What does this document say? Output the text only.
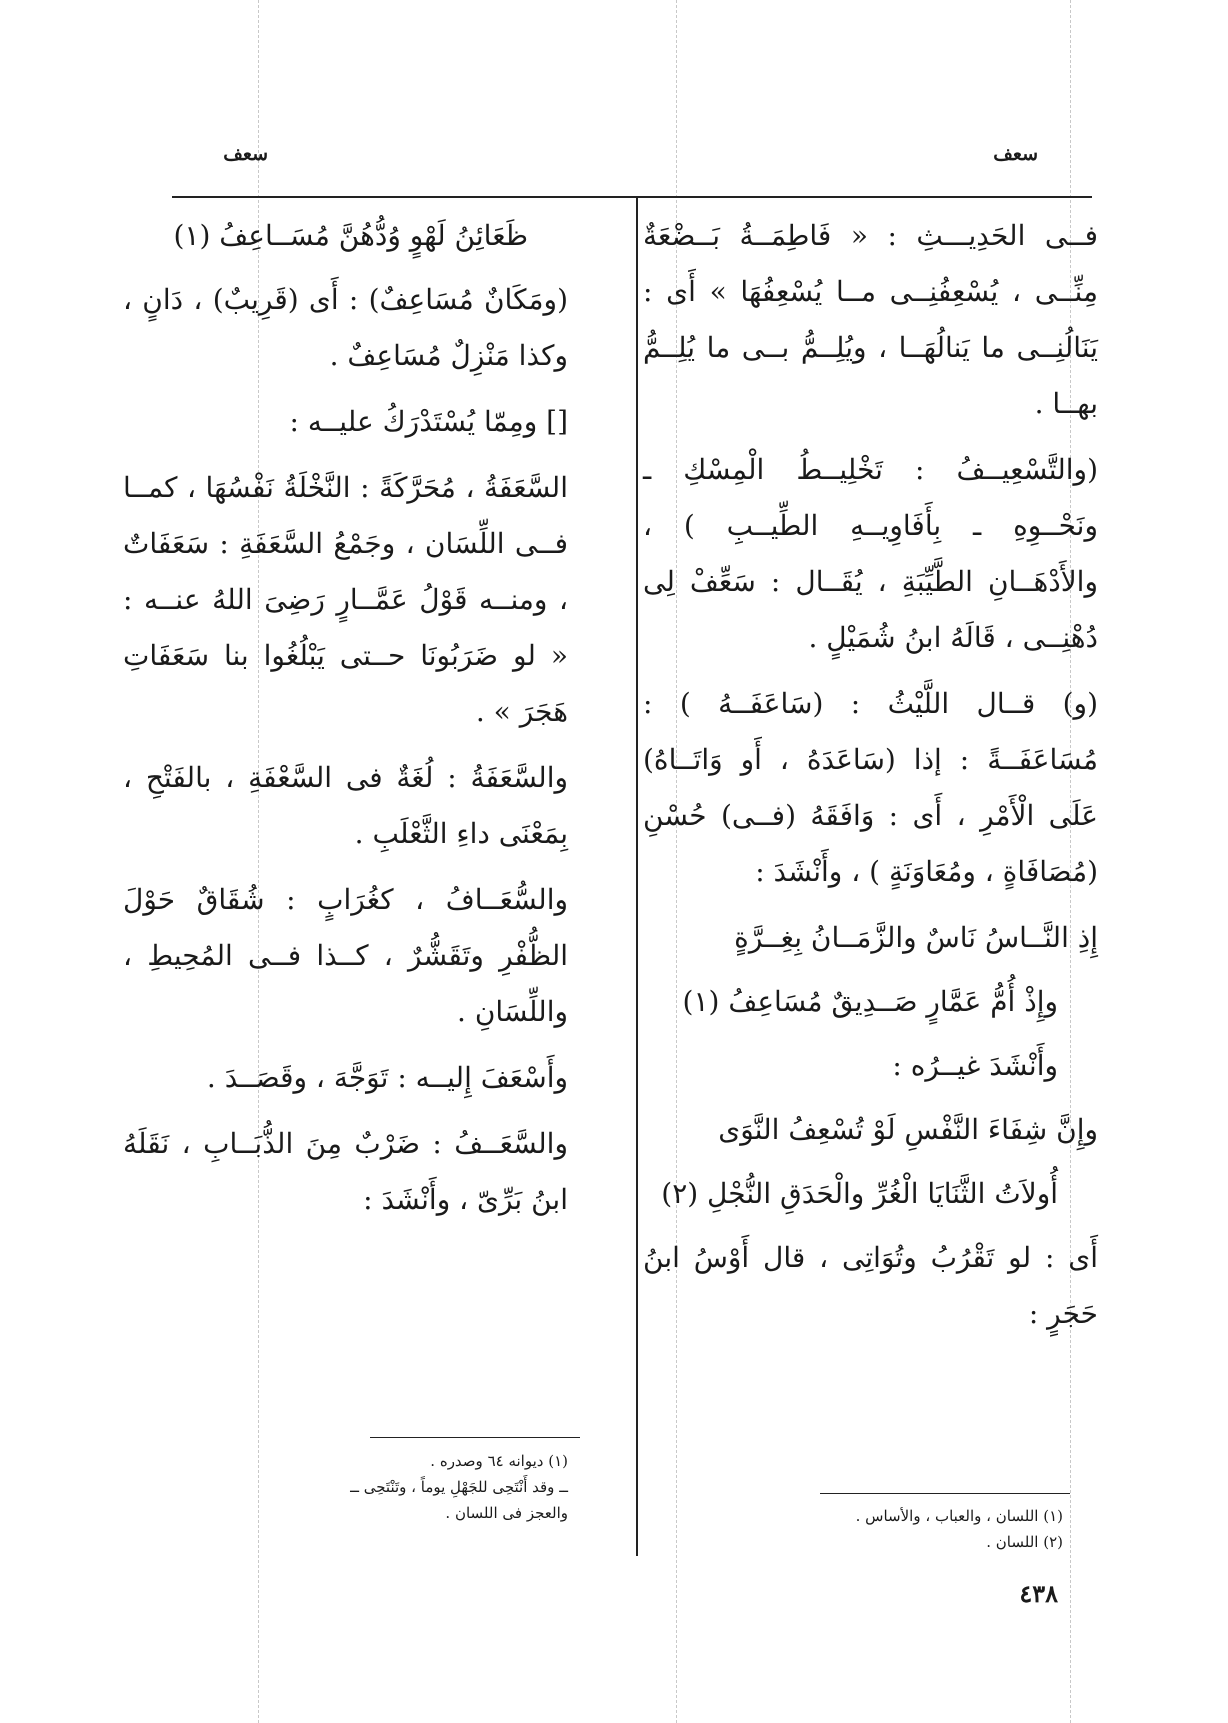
سعف
سعف

فــى الحَدِيـــثِ : « فَاطِمَــةُ بَــضْعَةٌ مِنِّــى ، يُسْعِفُنِــى مــا يُسْعِفُهَا » أَى : يَنَالُنِــى ما يَنالُهَــا ، ويُلِــمُّ بــى ما يُلِــمُّ بهــا .

(والتَّسْعِيــفُ : تَخْلِيــطُ الْمِسْكِ ـ ونَحْــوِهِ ـ بِأَفَاوِيــهِ الطِّيــبِ ) ، والأَدْهَــانِ الطَّيِّبَةِ ، يُقَــال : سَعِّفْ لِى دُهْنِــى ، قَالَهُ ابنُ شُمَيْلٍ .

(و) قــال اللَّيْثُ : (سَاعَفَــهُ ) : مُسَاعَفَــةً : إذا (سَاعَدَهُ ، أَو وَاتَــاهُ) عَلَى الْأَمْرِ ، أَى : وَافَقَهُ (فــى) حُسْنِ (مُصَافَاةٍ ، ومُعَاوَنَةٍ ) ، وأَنْشَدَ :

إِذِ النَّــاسُ نَاسٌ والزَّمَــانُ بِغِــرَّةٍ

وإِذْ أُمُّ عَمَّارٍ صَــدِيقٌ مُسَاعِفُ (١)

وأَنْشَدَ غيــرُه :

وإِنَّ شِفَاءَ النَّفْسِ لَوْ تُسْعِفُ النَّوَى

أُولاَتُ الثَّنَايَا الْغُرِّ والْحَدَقِ النُّجْلِ (٢)

أَى : لو تَقْرُبُ وتُوَاتِى ، قال أَوْسُ ابنُ حَجَرٍ :

ظَعَائِنُ لَهْوٍ وُدُّهُنَّ مُسَــاعِفُ (١)

(ومَكَانٌ مُسَاعِفٌ) : أَى (قَرِيبٌ) ، دَانٍ ، وكذا مَنْزِلٌ مُسَاعِفٌ .

[] ومِمّا يُسْتَدْرَكُ عليــه :

السَّعَفَةُ ، مُحَرَّكَةً : النَّخْلَةُ نَفْسُهَا ، كمــا فــى اللِّسَان ، وجَمْعُ السَّعَفَةِ : سَعَفَاتٌ ، ومنــه قَوْلُ عَمَّــارٍ رَضِىَ اللهُ عنــه : « لو ضَرَبُونَا حــتى يَبْلُغُوا بنا سَعَفَاتِ هَجَرَ » .

والسَّعَفَةُ : لُغَةٌ فى السَّعْفَةِ ، بالفَتْحِ ، بِمَعْنَى داءِ الثَّعْلَبِ .

والسُّعَــافُ ، كغُرَابٍ : شُقَاقٌ حَوْلَ الظُّفْرِ وتَقَشُّرٌ ، كــذا فــى المُحِيطِ ، واللِّسَانِ .

وأَسْعَفَ إِليــه : تَوَجَّهَ ، وقَصَــدَ .

والسَّعَــفُ : ضَرْبٌ مِنَ الذُّبَــابِ ، نَقَلَهُ ابنُ بَرِّىّ ، وأَنْشَدَ :

(١) ديوانه ٦٤ وصدره .
ــ وقد أَنْتَحِى للجَهْلِ يوماً ، وتَنْتَحِى ــ
والعجز فى اللسان .	(١) اللسان ، والعباب ، والأساس .
(٢) اللسان .
٤٣٨
